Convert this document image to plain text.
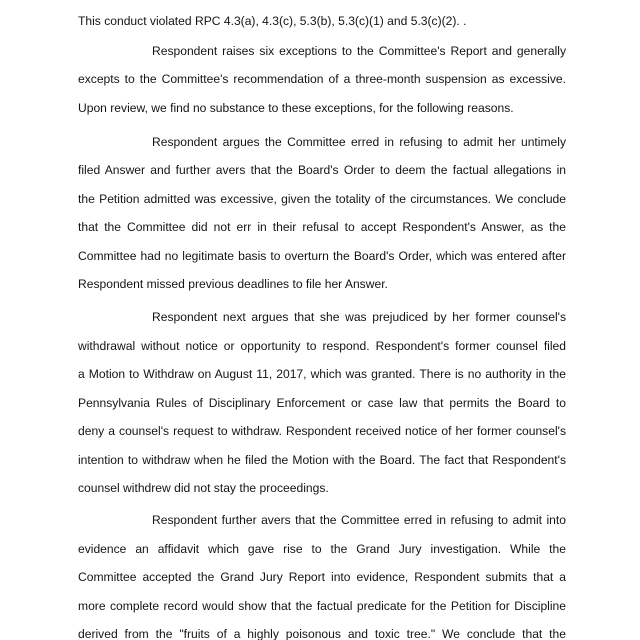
This conduct violated RPC 4.3(a), 4.3(c), 5.3(b), 5.3(c)(1) and 5.3(c)(2). .
Respondent raises six exceptions to the Committee's Report and generally
excepts to the Committee's recommendation of a three-month suspension as excessive.
Upon review, we find no substance to these exceptions, for the following reasons.
Respondent argues the Committee erred in refusing to admit her untimely
filed Answer and further avers that the Board's Order to deem the factual allegations in
the Petition admitted was excessive, given the totality of the circumstances. We conclude
that the Committee did not err in their refusal to accept Respondent's Answer, as the
Committee had no legitimate basis to overturn the Board's Order, which was entered after
Respondent missed previous deadlines to file her Answer.
Respondent next argues that she was prejudiced by her former counsel's
withdrawal without notice or opportunity to respond. Respondent's former counsel filed
a Motion to Withdraw on August 11, 2017, which was granted. There is no authority in the
Pennsylvania Rules of Disciplinary Enforcement or case law that permits the Board to
deny a counsel's request to withdraw. Respondent received notice of her former counsel's
intention to withdraw when he filed the Motion with the Board. The fact that Respondent's
counsel withdrew did not stay the proceedings.
Respondent further avers that the Committee erred in refusing to admit into
evidence an affidavit which gave rise to the Grand Jury investigation. While the
Committee accepted the Grand Jury Report into evidence, Respondent submits that a
more complete record would show that the factual predicate for the Petition for Discipline
derived from the "fruits of a highly poisonous and toxic tree." We conclude that the
